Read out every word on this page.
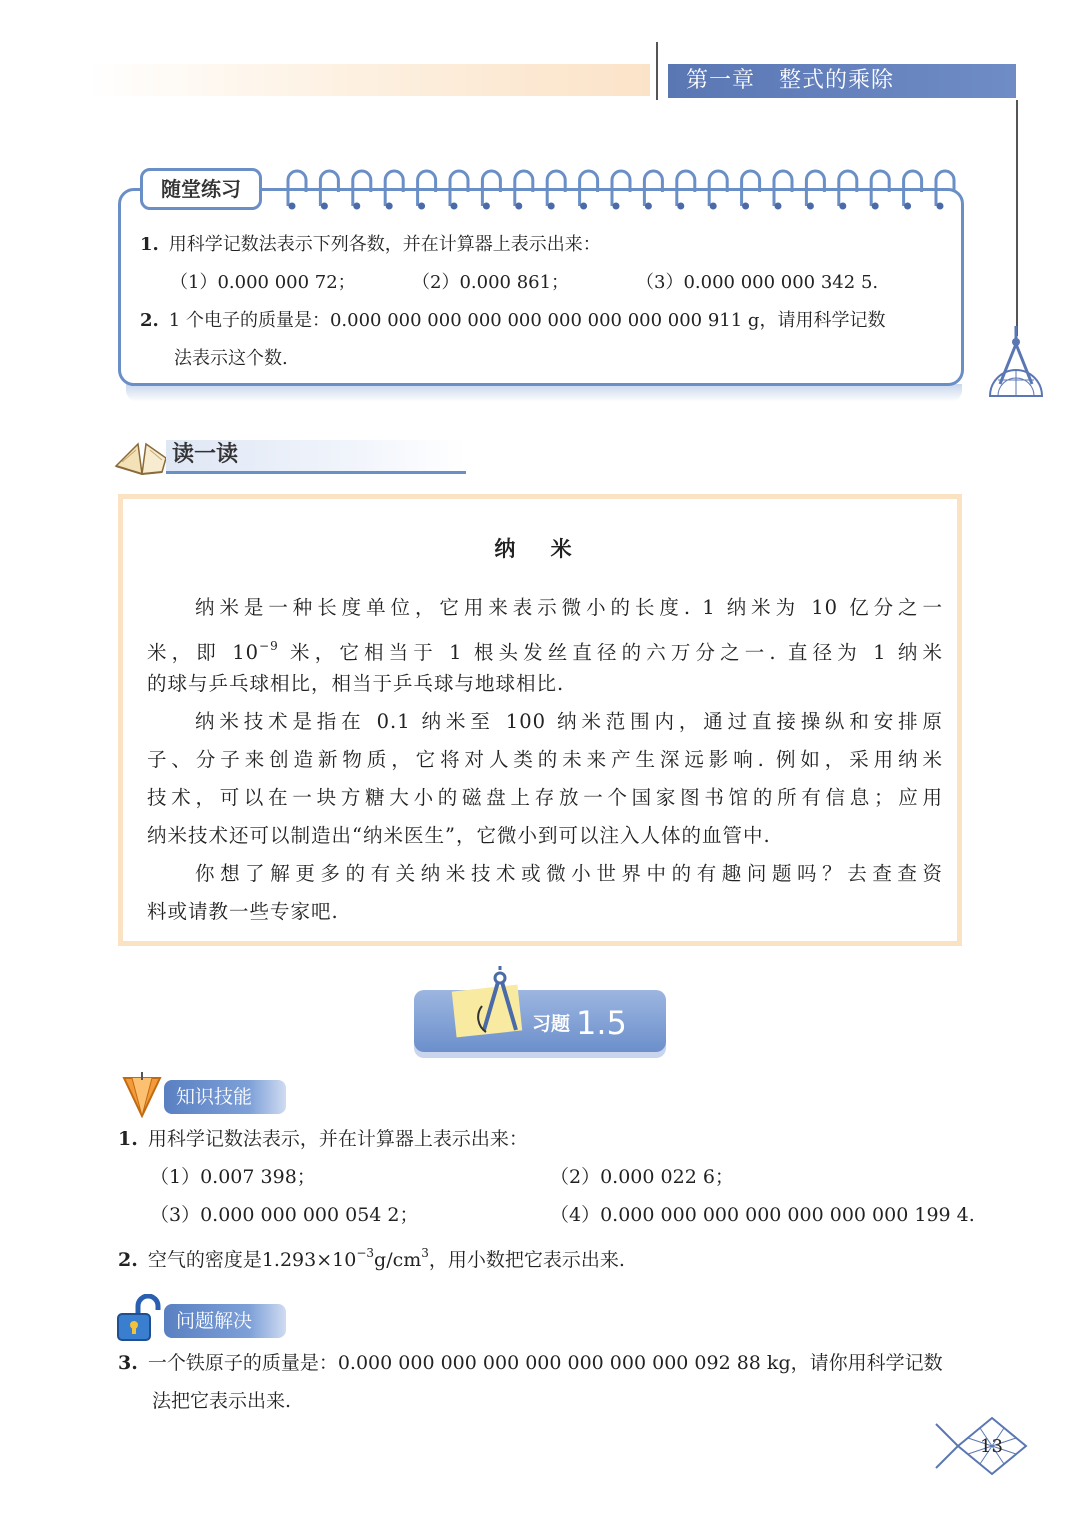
第一章 整式的乘除
随堂练习
1. 用科学记数法表示下列各数，并在计算器上表示出来：
（1）0.000 000 72；	（2）0.000 861；	（3）0.000 000 000 342 5.
2. 1 个电子的质量是：0.000 000 000 000 000 000 000 000 000 911 g，请用科学记数
法表示这个数.
读一读
纳 米
纳米是一种长度单位，它用来表示微小的长度. 1 纳米为 10 亿分之一
米，即 $10^{-9}$ 米，它相当于 1 根头发丝直径的六万分之一. 直径为 1 纳米
的球与乒乓球相比，相当于乒乓球与地球相比.
纳米技术是指在 0.1 纳米至 100 纳米范围内，通过直接操纵和安排原
子、分子来创造新物质，它将对人类的未来产生深远影响. 例如，采用纳米
技术，可以在一块方糖大小的磁盘上存放一个国家图书馆的所有信息；应用
纳米技术还可以制造出“纳米医生”，它微小到可以注入人体的血管中.
你想了解更多的有关纳米技术或微小世界中的有趣问题吗？去查查资
料或请教一些专家吧.
习题 1.5
知识技能
1. 用科学记数法表示，并在计算器上表示出来：
（1）0.007 398；	（2）0.000 022 6；
（3）0.000 000 000 054 2；	（4）0.000 000 000 000 000 000 000 199 4.
2. 空气的密度是$1.293\times 10^{-3}g/cm^3$，用小数把它表示出来.
问题解决
3. 一个铁原子的质量是：0.000 000 000 000 000 000 000 000 092 88 kg，请你用科学记数
法把它表示出来.
13
